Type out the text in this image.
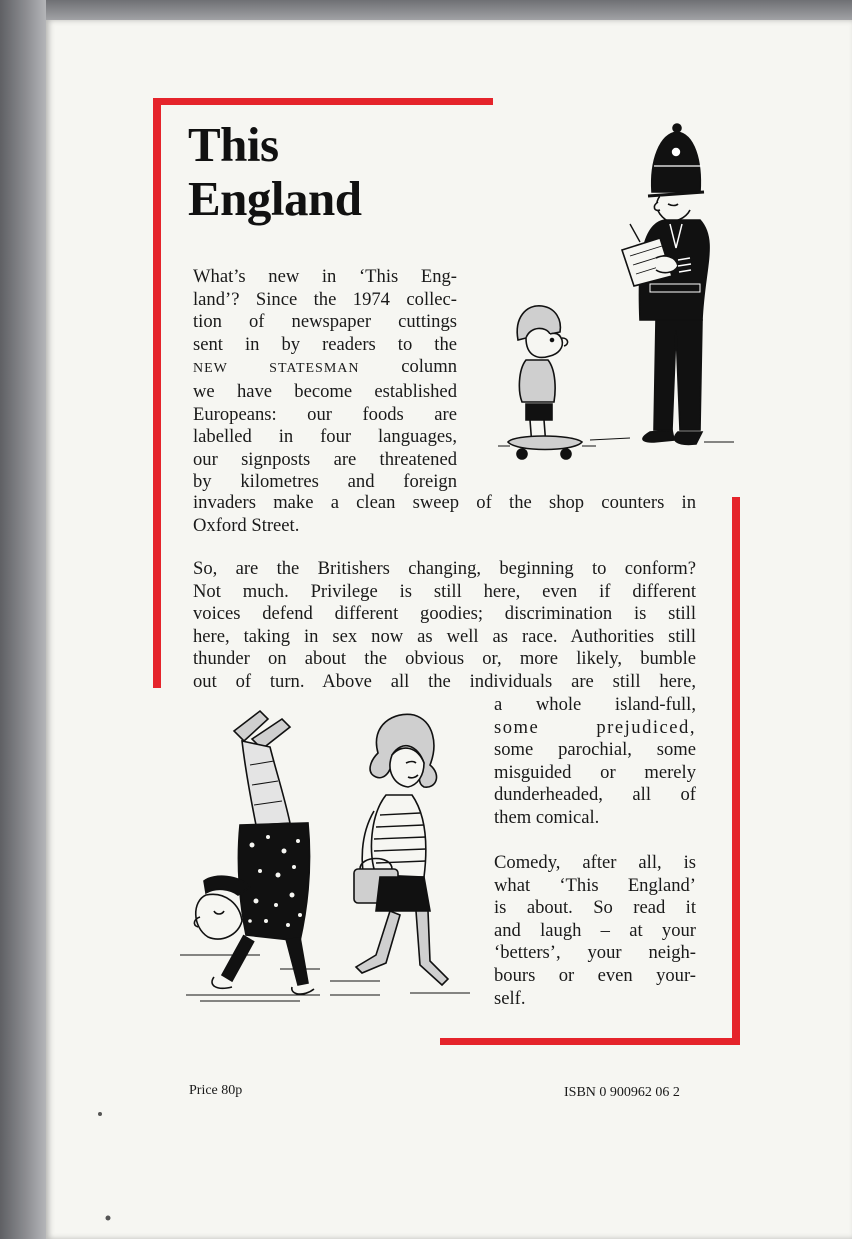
This
England
What’s new in ‘This Eng-
land’? Since the 1974 collec-
tion of newspaper cuttings
sent in by readers to the
NEW STATESMAN column
we have become established
Europeans: our foods are
labelled in four languages,
our signposts are threatened
by kilometres and foreign
invaders make a clean sweep of the shop counters in
Oxford Street.
So, are the Britishers changing, beginning to conform?
Not much. Privilege is still here, even if different
voices defend different goodies; discrimination is still
here, taking in sex now as well as race. Authorities still
thunder on about the obvious or, more likely, bumble
out of turn. Above all the individuals are still here,
a whole island-full,
some prejudiced,
some parochial, some
misguided or merely
dunderheaded, all of
them comical.
Comedy, after all, is
what ‘This England’
is about. So read it
and laugh – at your
‘betters’, your neigh-
bours or even your-
self.
Price 80p	ISBN 0 900962 06 2
